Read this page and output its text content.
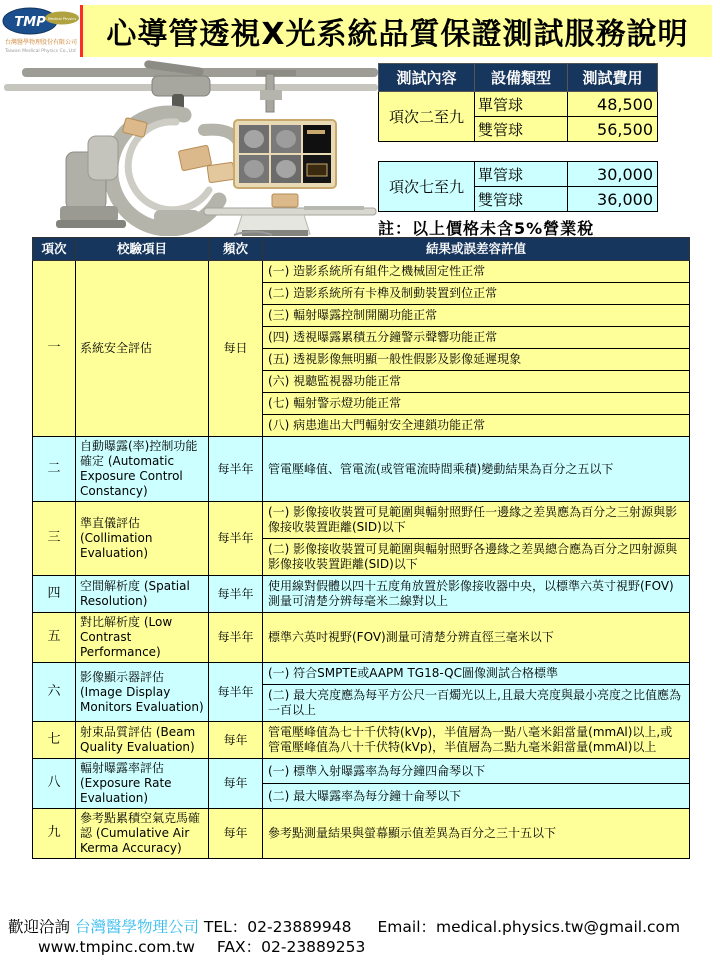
TMP Medical Physics
台灣醫學物理股份有限公司
Taiwan Medical Physics Co.,Ltd 心導管透視X光系統品質保證測試服務說明
測試內容	設備類型	測試費用
項次二至九	單管球	48,500
	雙管球	56,500
項次七至九	單管球	30,000
	雙管球	36,000
註：以上價格未含5%營業稅
項次	校驗項目	頻次	結果或誤差容許值
一	系統安全評估	每日	(一) 造影系統所有組件之機械固定性正常
			(二) 造影系統所有卡榫及制動裝置到位正常
			(三) 輻射曝露控制開關功能正常
			(四) 透視曝露累積五分鐘警示聲響功能正常
			(五) 透視影像無明顯一般性假影及影像延遲現象
			(六) 視聽監視器功能正常
			(七) 輻射警示燈功能正常
			(八) 病患進出大門輻射安全連鎖功能正常
二	自動曝露(率)控制功能確定 (Automatic Exposure Control Constancy)	每半年	管電壓峰值、管電流(或管電流時間乘積)變動結果為百分之五以下
三	準直儀評估 (Collimation Evaluation)	每半年	(一) 影像接收裝置可見範圍與輻射照野任一邊緣之差異應為百分之三射源與影像接收裝置距離(SID)以下
			(二) 影像接收裝置可見範圍與輻射照野各邊緣之差異總合應為百分之四射源與影像接收裝置距離(SID)以下
四	空間解析度 (Spatial Resolution)	每半年	使用線對假體以四十五度角放置於影像接收器中央，以標準六英寸視野(FOV)測量可清楚分辨每毫米二線對以上
五	對比解析度 (Low Contrast Performance)	每半年	標準六英吋視野(FOV)測量可清楚分辨直徑三毫米以下
六	影像顯示器評估 (Image Display Monitors Evaluation)	每半年	(一) 符合SMPTE或AAPM TG18-QC圖像測試合格標準
			(二) 最大亮度應為每平方公尺一百燭光以上,且最大亮度與最小亮度之比值應為一百以上
七	射束品質評估 (Beam Quality Evaluation)	每年	管電壓峰值為七十千伏特(kVp)，半值層為一點八毫米鋁當量(mmAl)以上,或管電壓峰值為八十千伏特(kVp)，半值層為二點九毫米鋁當量(mmAl)以上
八	輻射曝露率評估 (Exposure Rate Evaluation)	每年	(一) 標準入射曝露率為每分鐘四侖琴以下
			(二) 最大曝露率為每分鐘十侖琴以下
九	參考點累積空氣克馬確認 (Cumulative Air Kerma Accuracy)	每年	參考點測量結果與螢幕顯示值差異為百分之三十五以下
歡迎洽詢 台灣醫學物理公司 TEL：02-23889948 Email：medical.physics.tw@gmail.com
www.tmpinc.com.tw FAX：02-23889253
